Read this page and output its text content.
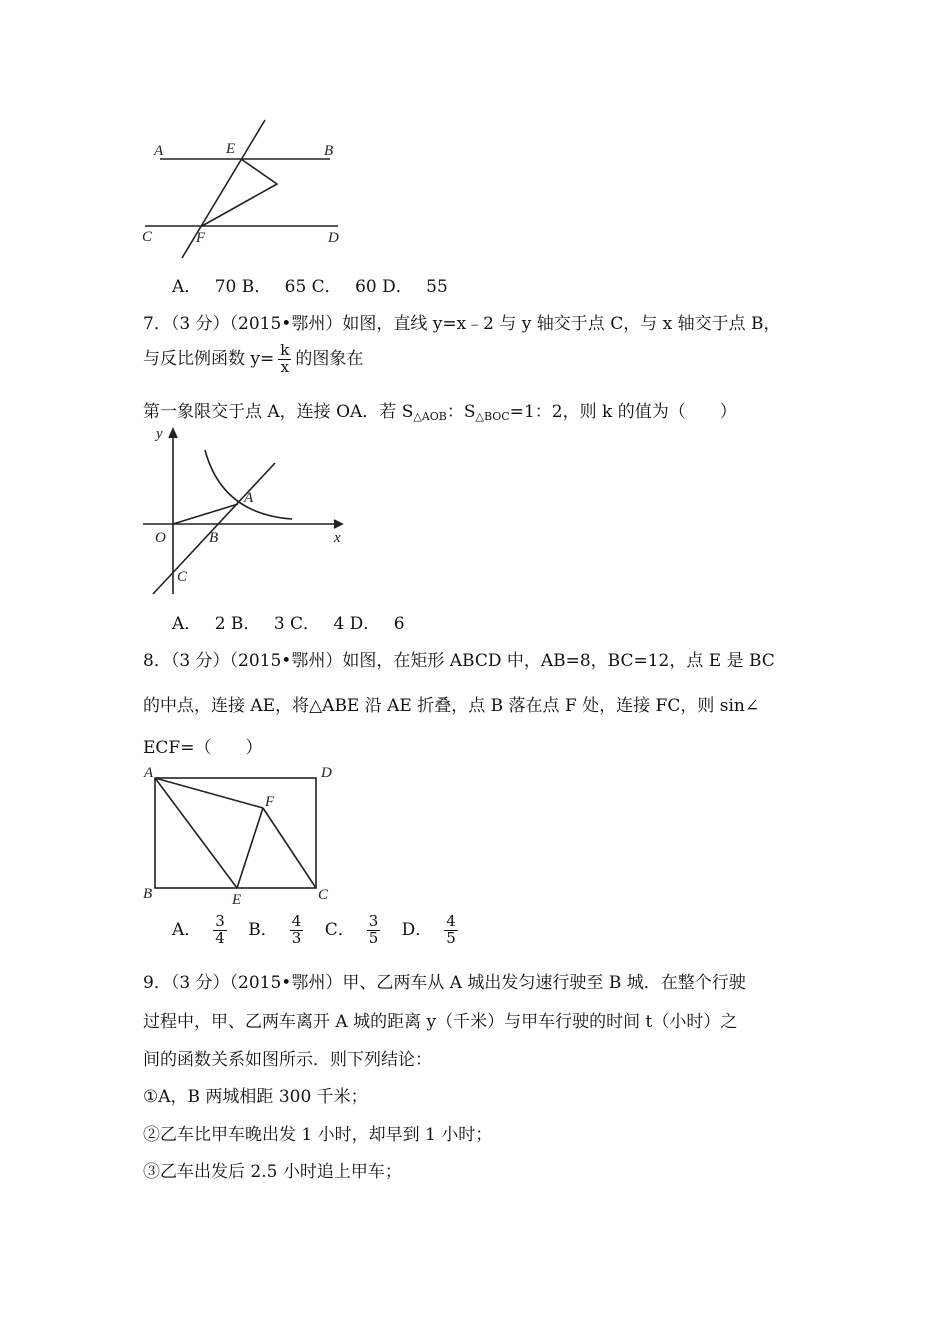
A	E	B
C	F	D
A． 70 B． 65 C． 60 D． 55
7．（3 分）（2015•鄂州）如图，直线 y=x﹣2 与 y 轴交于点 C，与 x 轴交于点 B，
与反比例函数 $y= \frac{k}{x}$ 的图象在
第一象限交于点 A，连接 OA．若 $S_{\triangle AOB}$：$S_{\triangle BOC}=1$：2，则 k 的值为（　　）
y
x
O	B
A
C
A． 2 B． 3 C． 4 D． 6
8．（3 分）（2015•鄂州）如图，在矩形 ABCD 中，AB=8，BC=12，点 E 是 BC
的中点，连接 AE，将△ABE 沿 AE 折叠，点 B 落在点 F 处，连接 FC，则 sin∠
ECF=（　　）
A	D
F
B	E	C
A． $\frac{3}{4}$ B． $\frac{4}{3}$ C． $\frac{3}{5}$ D． $\frac{4}{5}$
9．（3 分）（2015•鄂州）甲、乙两车从 A 城出发匀速行驶至 B 城．在整个行驶
过程中，甲、乙两车离开 A 城的距离 y（千米）与甲车行驶的时间 t（小时）之
间的函数关系如图所示．则下列结论：
①A，B 两城相距 300 千米；
②乙车比甲车晚出发 1 小时，却早到 1 小时；
③乙车出发后 2.5 小时追上甲车；
